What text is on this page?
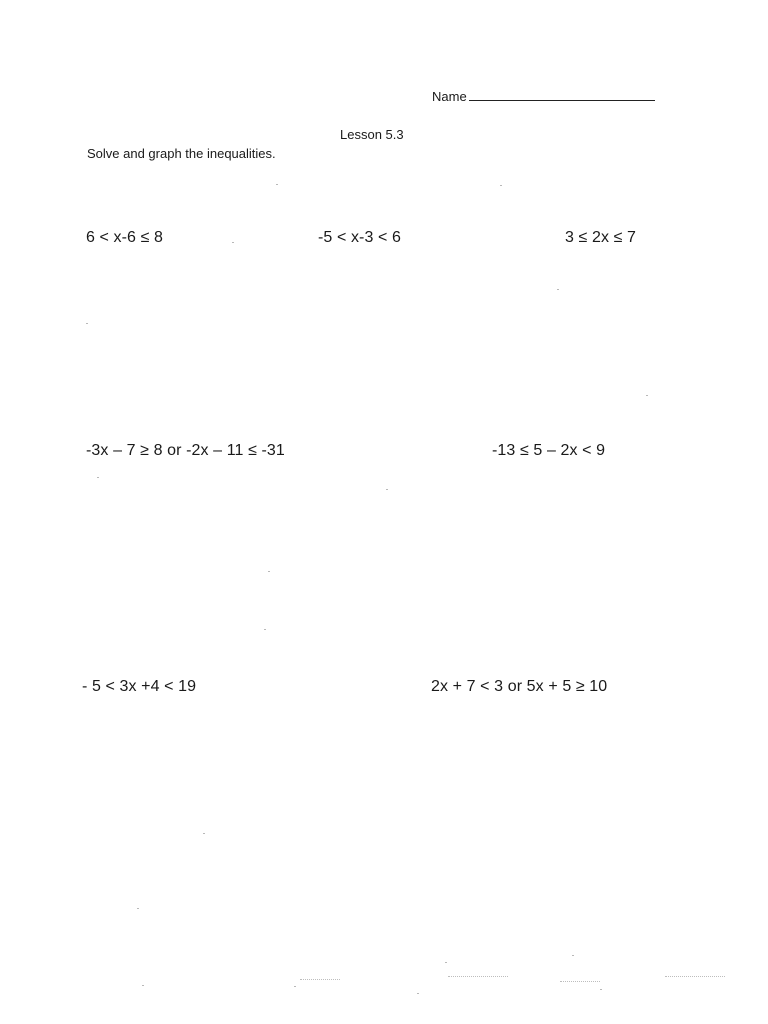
Name
Lesson 5.3
Solve and graph the inequalities.
6 < x-6 ≤ 8	-5 < x-3 < 6	3 ≤ 2x ≤ 7
-3x – 7 ≥ 8 or -2x – 11 ≤ -31	-13 ≤ 5 – 2x < 9
- 5 < 3x +4 < 19	2x + 7 < 3 or 5x + 5 ≥ 10
